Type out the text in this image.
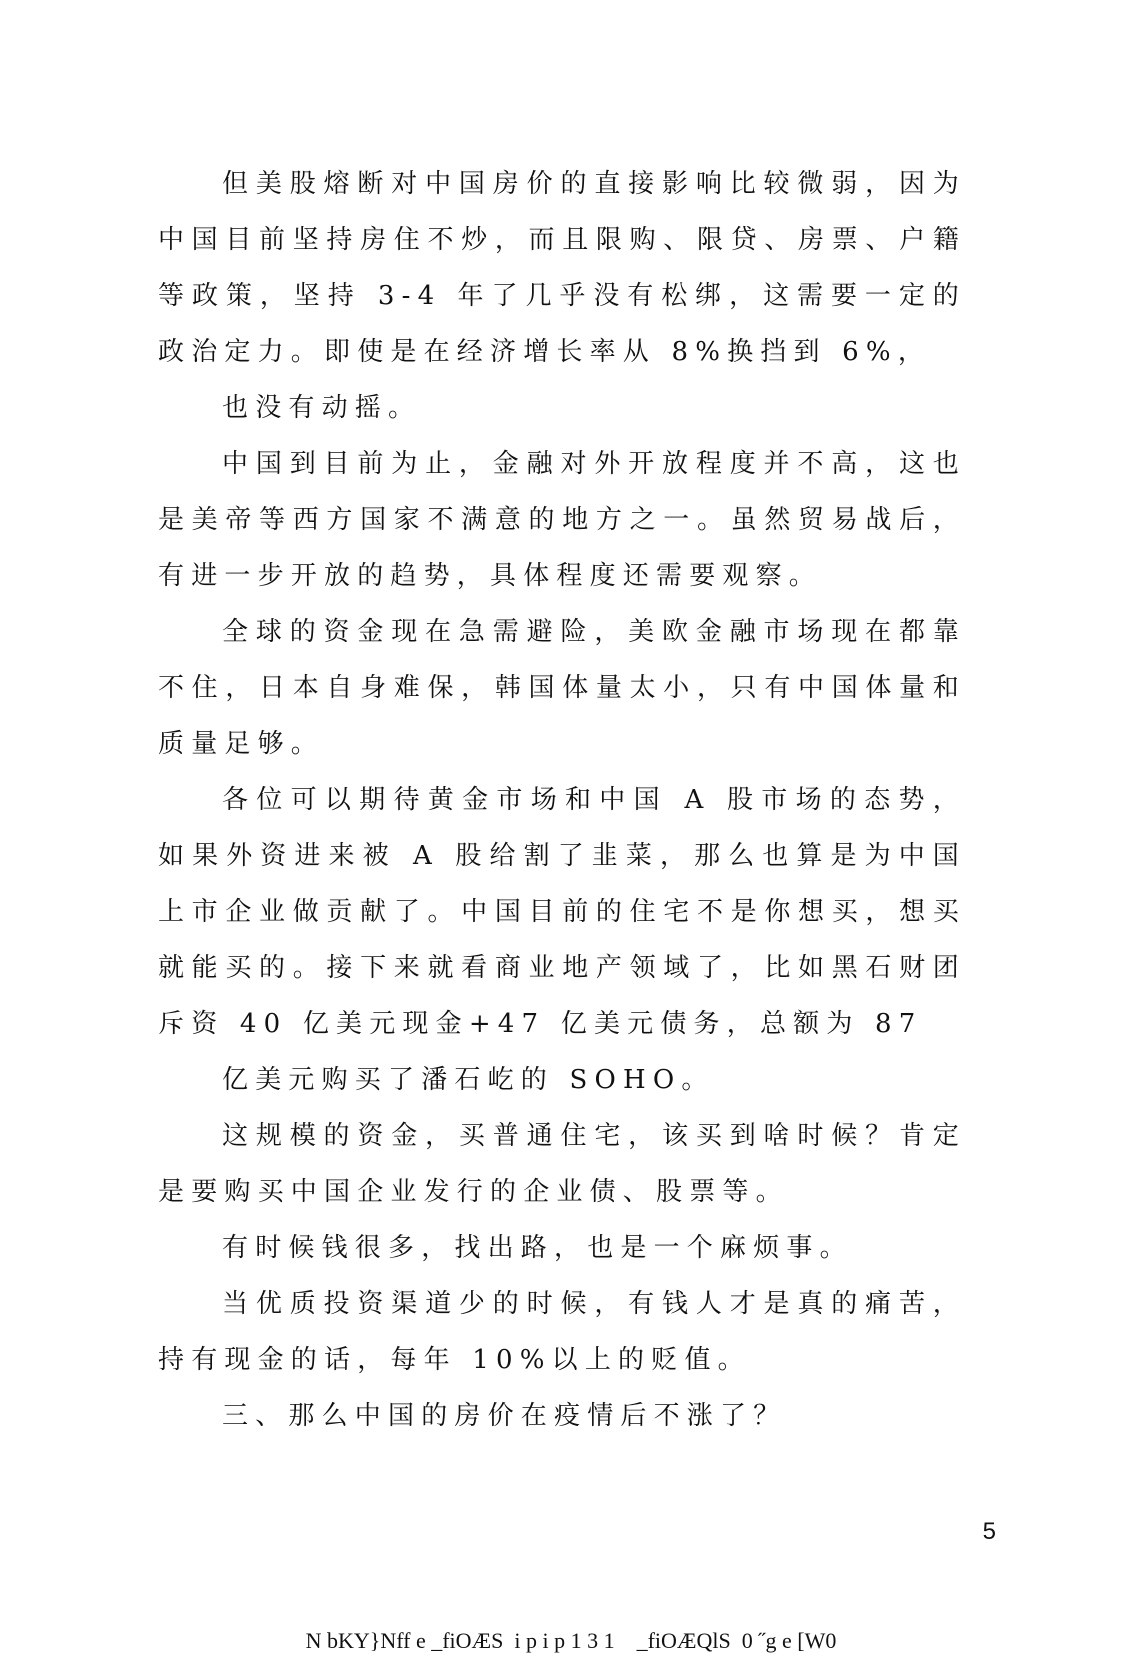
但美股熔断对中国房价的直接影响比较微弱，因为中国目前坚持房住不炒，而且限购、限贷、房票、户籍等政策，坚持 3-4 年了几乎没有松绑，这需要一定的政治定力。即使是在经济增长率从 8%换挡到 6%，

也没有动摇。

中国到目前为止，金融对外开放程度并不高，这也是美帝等西方国家不满意的地方之一。虽然贸易战后，有进一步开放的趋势，具体程度还需要观察。

全球的资金现在急需避险，美欧金融市场现在都靠不住，日本自身难保，韩国体量太小，只有中国体量和质量足够。

各位可以期待黄金市场和中国 A 股市场的态势，如果外资进来被 A 股给割了韭菜，那么也算是为中国上市企业做贡献了。中国目前的住宅不是你想买，想买就能买的。接下来就看商业地产领域了，比如黑石财团斥资 40 亿美元现金+47 亿美元债务，总额为 87

亿美元购买了潘石屹的 SOHO。

这规模的资金，买普通住宅，该买到啥时候？肯定是要购买中国企业发行的企业债、股票等。

有时候钱很多，找出路，也是一个麻烦事。

当优质投资渠道少的时候，有钱人才是真的痛苦，持有现金的话，每年 10%以上的贬值。

三、那么中国的房价在疫情后不涨了？

5
N bKY}Nff e _fiOÆS  i p i p 1 3 1    _fiOÆQlS  0 ˝g e [W0
